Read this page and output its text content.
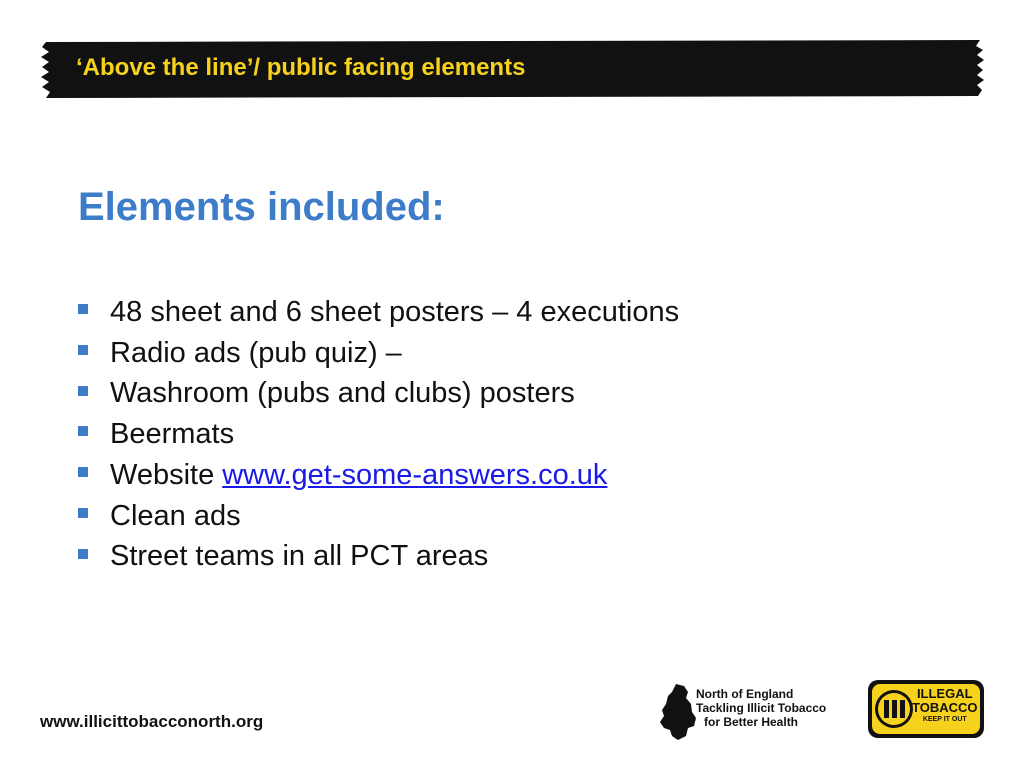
‘Above the line’/ public facing elements
Elements included:
48 sheet and 6 sheet posters – 4 executions
Radio ads (pub quiz) –
Washroom (pubs and clubs) posters
Beermats
Website www.get-some-answers.co.uk
Clean ads
Street teams in all PCT areas
www.illicittobacconorth.org
North of England
Tackling Illicit Tobacco
for Better Health
ILLEGAL
TOBACCO
KEEP IT OUT
